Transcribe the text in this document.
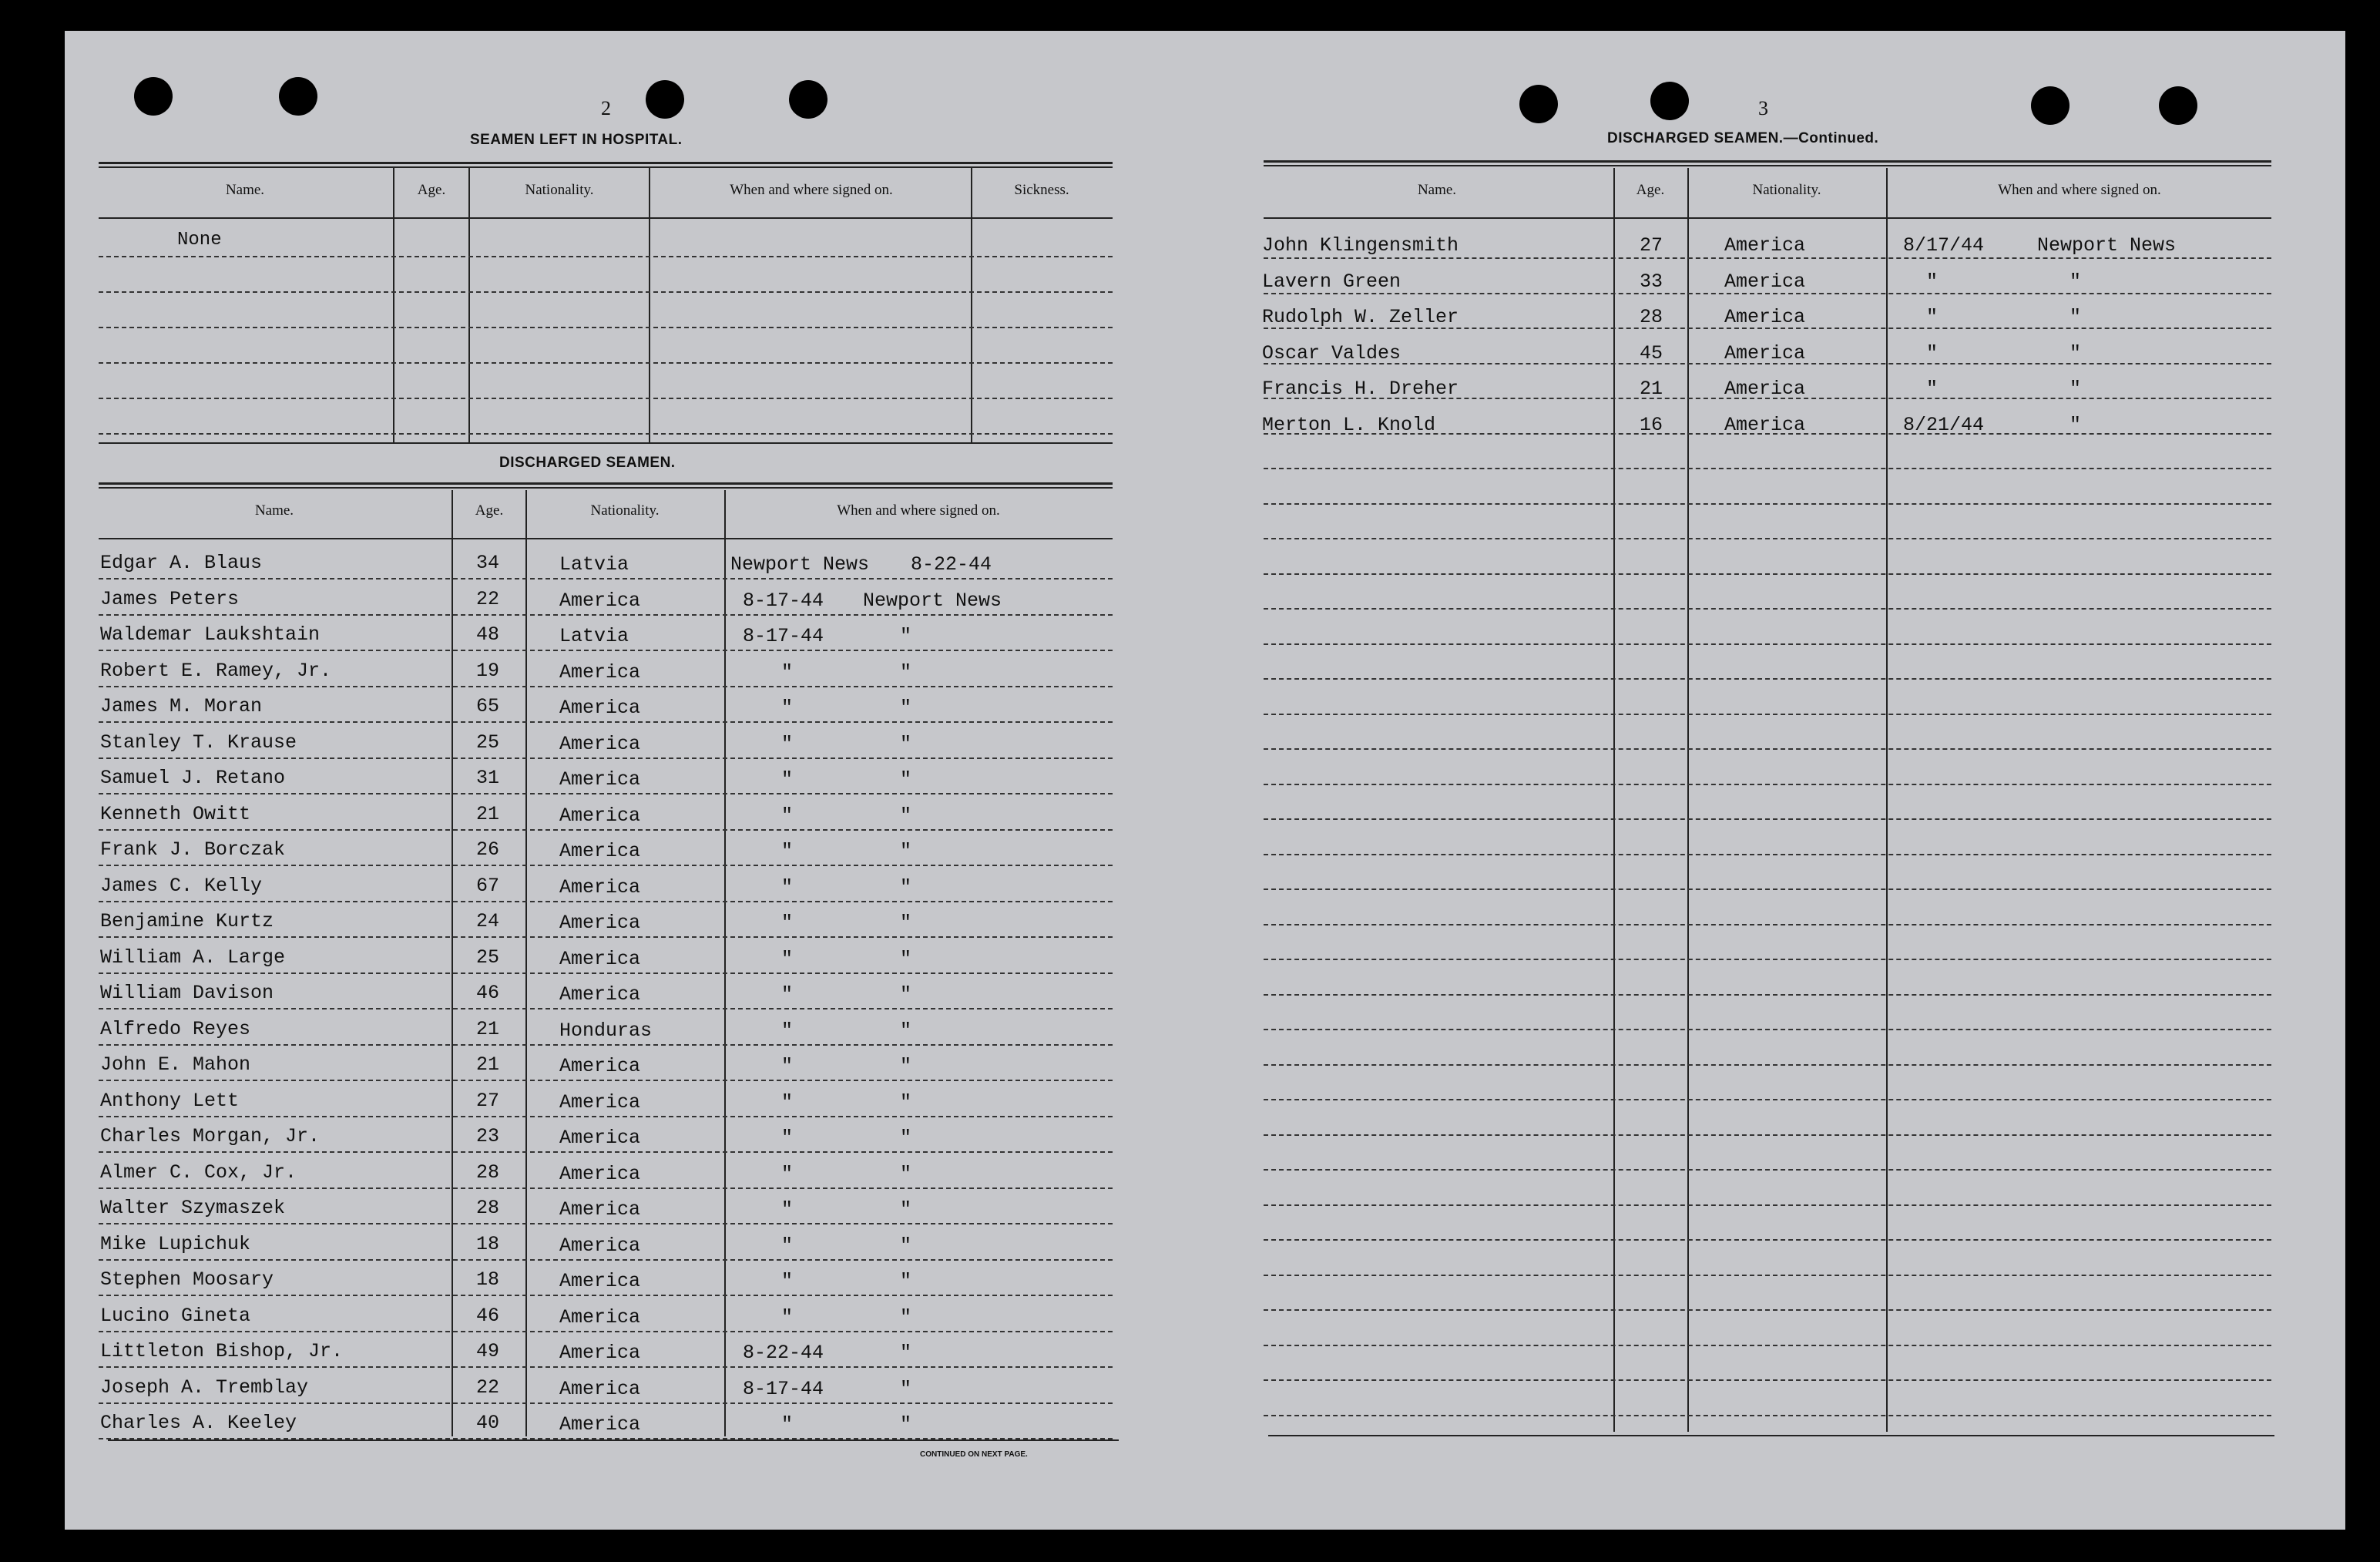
2
SEAMEN LEFT IN HOSPITAL.
Name.	Age.	Nationality.	When and where signed on.	Sickness.
None
DISCHARGED SEAMEN.
Name.	Age.	Nationality.	When and where signed on.
Edgar A. Blaus	34	Latvia	Newport News 8-22-44
James Peters	22	America	8-17-44 Newport News
Waldemar Laukshtain	48	Latvia	8-17-44	"
Robert E. Ramey, Jr.	19	America	"	"
James M. Moran	65	America	"	"
Stanley T. Krause	25	America	"	"
Samuel J. Retano	31	America	"	"
Kenneth Owitt	21	America	"	"
Frank J. Borczak	26	America	"	"
James C. Kelly	67	America	"	"
Benjamine Kurtz	24	America	"	"
William A. Large	25	America	"	"
William Davison	46	America	"	"
Alfredo Reyes	21	Honduras	"	"
John E. Mahon	21	America	"	"
Anthony Lett	27	America	"	"
Charles Morgan, Jr.	23	America	"	"
Almer C. Cox, Jr.	28	America	"	"
Walter Szymaszek	28	America	"	"
Mike Lupichuk	18	America	"	"
Stephen Moosary	18	America	"	"
Lucino Gineta	46	America	"	"
Littleton Bishop, Jr.	49	America	8-22-44	"
Joseph A. Tremblay	22	America	8-17-44	"
Charles A. Keeley	40	America	"	"
CONTINUED ON NEXT PAGE.
3
DISCHARGED SEAMEN.—Continued.
Name.	Age.	Nationality.	When and where signed on.
John Klingensmith	27	America	8/17/44	Newport News
Lavern Green	33	America	"	"
Rudolph W. Zeller	28	America	"	"
Oscar Valdes	45	America	"	"
Francis H. Dreher	21	America	"	"
Merton L. Knold	16	America	8/21/44	"
